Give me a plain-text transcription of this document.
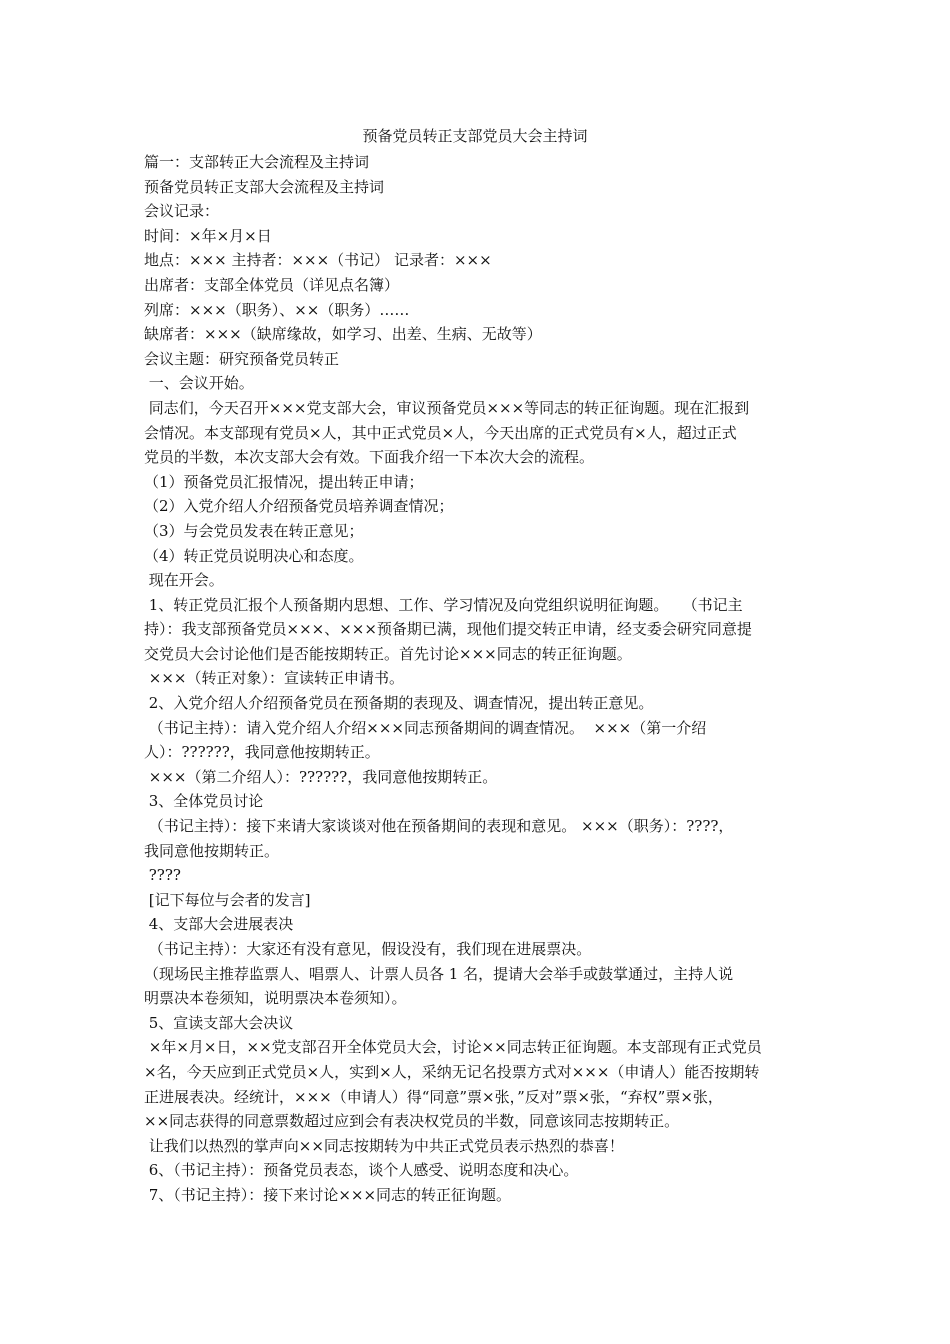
预备党员转正支部党员大会主持词

篇一：支部转正大会流程及主持词

预备党员转正支部大会流程及主持词

会议记录：

时间：×年×月×日

地点：××× 主持者：×××（书记） 记录者：×××

出席者：支部全体党员（详见点名簿）

列席：×××（职务）、××（职务）……

缺席者：×××（缺席缘故，如学习、出差、生病、无故等）

会议主题：研究预备党员转正

一、会议开始。

同志们，今天召开×××党支部大会，审议预备党员×××等同志的转正征询题。现在汇报到

会情况。本支部现有党员×人，其中正式党员×人，今天出席的正式党员有×人，超过正式

党员的半数，本次支部大会有效。下面我介绍一下本次大会的流程。

（1）预备党员汇报情况，提出转正申请；

（2）入党介绍人介绍预备党员培养调查情况；

（3）与会党员发表在转正意见；

（4）转正党员说明决心和态度。

现在开会。

1、转正党员汇报个人预备期内思想、工作、学习情况及向党组织说明征询题。   （书记主

持）：我支部预备党员×××、×××预备期已满，现他们提交转正申请，经支委会研究同意提

交党员大会讨论他们是否能按期转正。首先讨论×××同志的转正征询题。

×××（转正对象）：宣读转正申请书。

2、入党介绍人介绍预备党员在预备期的表现及、调查情况，提出转正意见。

（书记主持）：请入党介绍人介绍×××同志预备期间的调查情况。  ×××（第一介绍

人）：??????，我同意他按期转正。

×××（第二介绍人）：??????，我同意他按期转正。

3、全体党员讨论

（书记主持）：接下来请大家谈谈对他在预备期间的表现和意见。 ×××（职务）：????，

我同意他按期转正。

????

[记下每位与会者的发言]

4、支部大会进展表决

（书记主持）：大家还有没有意见，假设没有，我们现在进展票决。

（现场民主推荐监票人、唱票人、计票人员各 1 名，提请大会举手或鼓掌通过，主持人说

明票决本卷须知，说明票决本卷须知）。

5、宣读支部大会决议

×年×月×日，××党支部召开全体党员大会，讨论××同志转正征询题。本支部现有正式党员

×名，今天应到正式党员×人，实到×人，采纳无记名投票方式对×××（申请人）能否按期转

正进展表决。经统计，×××（申请人）得“同意”票×张，”反对”票×张，“弃权”票×张，

××同志获得的同意票数超过应到会有表决权党员的半数，同意该同志按期转正。

让我们以热烈的掌声向××同志按期转为中共正式党员表示热烈的恭喜！

6、（书记主持）：预备党员表态，谈个人感受、说明态度和决心。

7、（书记主持）：接下来讨论×××同志的转正征询题。
